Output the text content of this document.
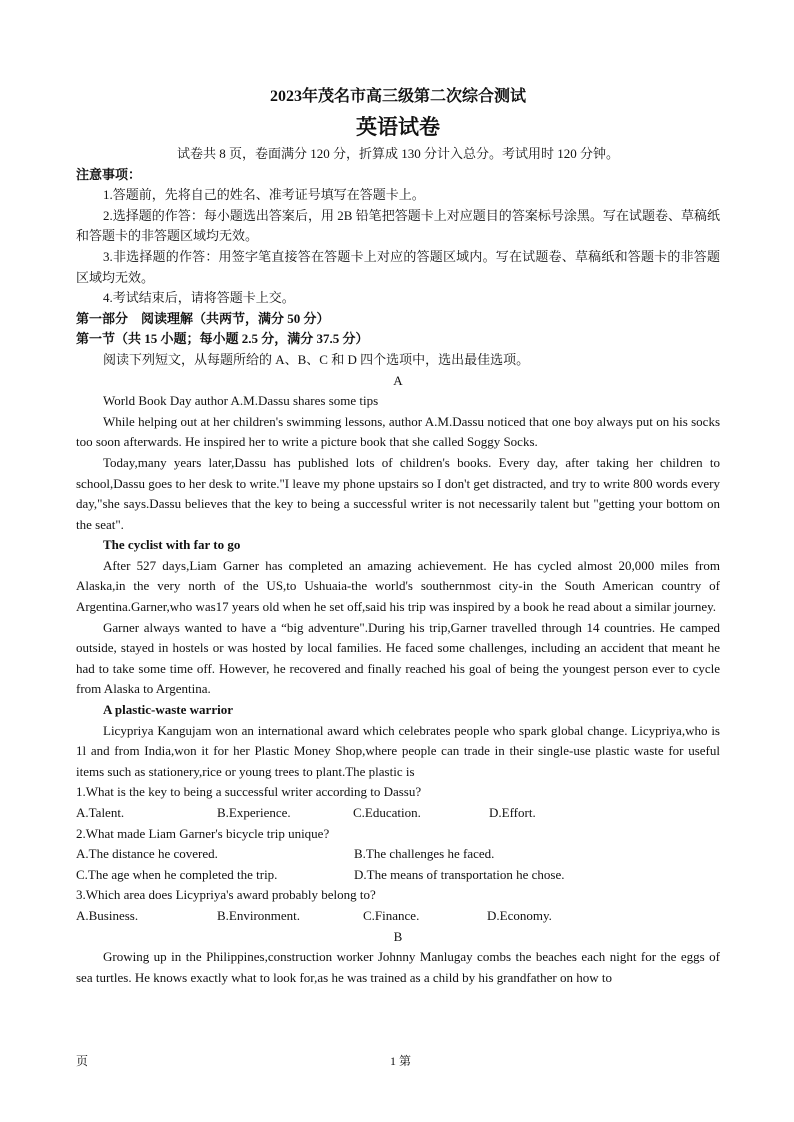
2023年茂名市高三级第二次综合测试

英语试卷

试卷共 8 页，卷面满分 120 分，折算成 130 分计入总分。考试用时 120 分钟。

注意事项：

1.答题前，先将自己的姓名、准考证号填写在答题卡上。

2.选择题的作答：每小题选出答案后，用 2B 铅笔把答题卡上对应题目的答案标号涂黑。写在试题卷、草稿纸和答题卡的非答题区域均无效。

3.非选择题的作答：用签字笔直接答在答题卡上对应的答题区域内。写在试题卷、草稿纸和答题卡的非答题区域均无效。

4.考试结束后，请将答题卡上交。

第一部分　阅读理解（共两节，满分 50 分）

第一节（共 15 小题；每小题 2.5 分，满分 37.5 分）

阅读下列短文，从每题所给的 A、B、C 和 D 四个选项中，选出最佳选项。

A

World Book Day author A.M.Dassu shares some tips

While helping out at her children's swimming lessons, author A.M.Dassu noticed that one boy always put on his socks too soon afterwards. He inspired her to write a picture book that she called Soggy Socks.

Today,many years later,Dassu has published lots of children's books. Every day, after taking her children to school,Dassu goes to her desk to write."I leave my phone upstairs so I don't get distracted, and try to write 800 words every day,"she says.Dassu believes that the key to being a successful writer is not necessarily talent but "getting your bottom on the seat".

The cyclist with far to go

After 527 days,Liam Garner has completed an amazing achievement. He has cycled almost 20,000 miles from Alaska,in the very north of the US,to Ushuaia-the world's southernmost city-in the South American country of Argentina.Garner,who was17 years old when he set off,said his trip was inspired by a book he read about a similar journey.

Garner always wanted to have a “big adventure".During his trip,Garner travelled through 14 countries. He camped outside, stayed in hostels or was hosted by local families. He faced some challenges, including an accident that meant he had to take some time off. However, he recovered and finally reached his goal of being the youngest person ever to cycle from Alaska to Argentina.

A plastic-waste warrior

Licypriya Kangujam won an international award which celebrates people who spark global change. Licypriya,who is 1l and from India,won it for her Plastic Money Shop,where people can trade in their single-use plastic waste for useful items such as stationery,rice or young trees to plant.The plastic is

1.What is the key to being a successful writer according to Dassu?

A.Talent.	B.Experience.	C.Education.	D.Effort.

2.What made Liam Garner's bicycle trip unique?

A.The distance he covered.	B.The challenges he faced.
C.The age when he completed the trip.	D.The means of transportation he chose.

3.Which area does Licypriya's award probably belong to?

A.Business.	B.Environment.	C.Finance.	D.Economy.

B

Growing up in the Philippines,construction worker Johnny Manlugay combs the beaches each night for the eggs of sea turtles. He knows exactly what to look for,as he was trained as a child by his grandfather on how to

页	1 第
